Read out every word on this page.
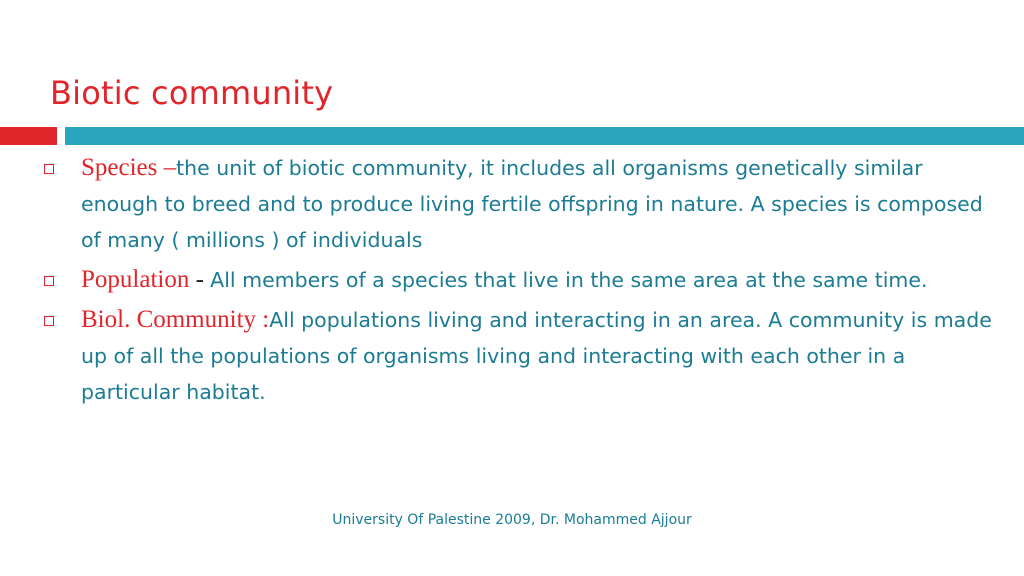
Biotic community
Species –the unit of biotic community, it includes all organisms genetically similar enough to breed and to produce living fertile offspring in nature. A species is composed of many ( millions ) of individuals
Population - All members of a species that live in the same area at the same time.
Biol. Community :All populations living and interacting in an area. A community is made up of all the populations of organisms living and interacting with each other in a particular habitat.
University Of Palestine 2009, Dr. Mohammed Ajjour
